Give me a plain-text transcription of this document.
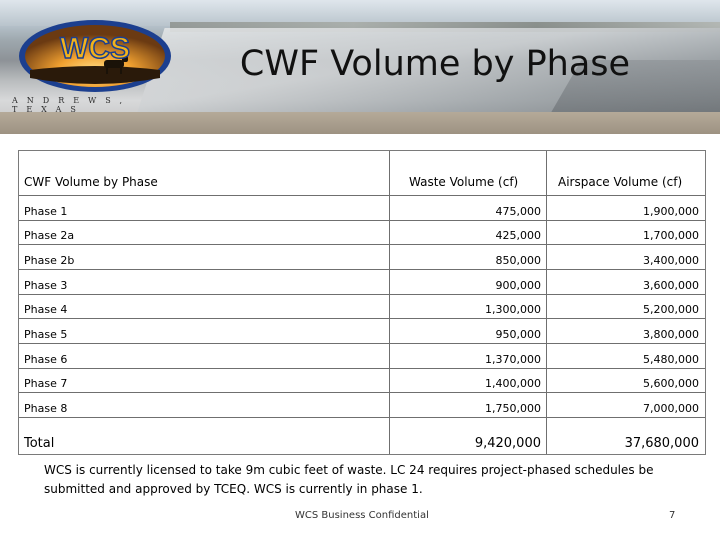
WCS
ANDREWS, TEXAS
CWF Volume by Phase
CWF Volume by Phase	Waste Volume (cf)	Airspace Volume (cf)
Phase 1	475,000	1,900,000
Phase 2a	425,000	1,700,000
Phase 2b	850,000	3,400,000
Phase 3	900,000	3,600,000
Phase 4	1,300,000	5,200,000
Phase 5	950,000	3,800,000
Phase 6	1,370,000	5,480,000
Phase 7	1,400,000	5,600,000
Phase 8	1,750,000	7,000,000
Total	9,420,000	37,680,000
WCS is currently licensed to take 9m cubic feet of waste. LC 24 requires project-phased schedules be submitted and approved by TCEQ. WCS is currently in phase 1.
WCS Business Confidential	7
